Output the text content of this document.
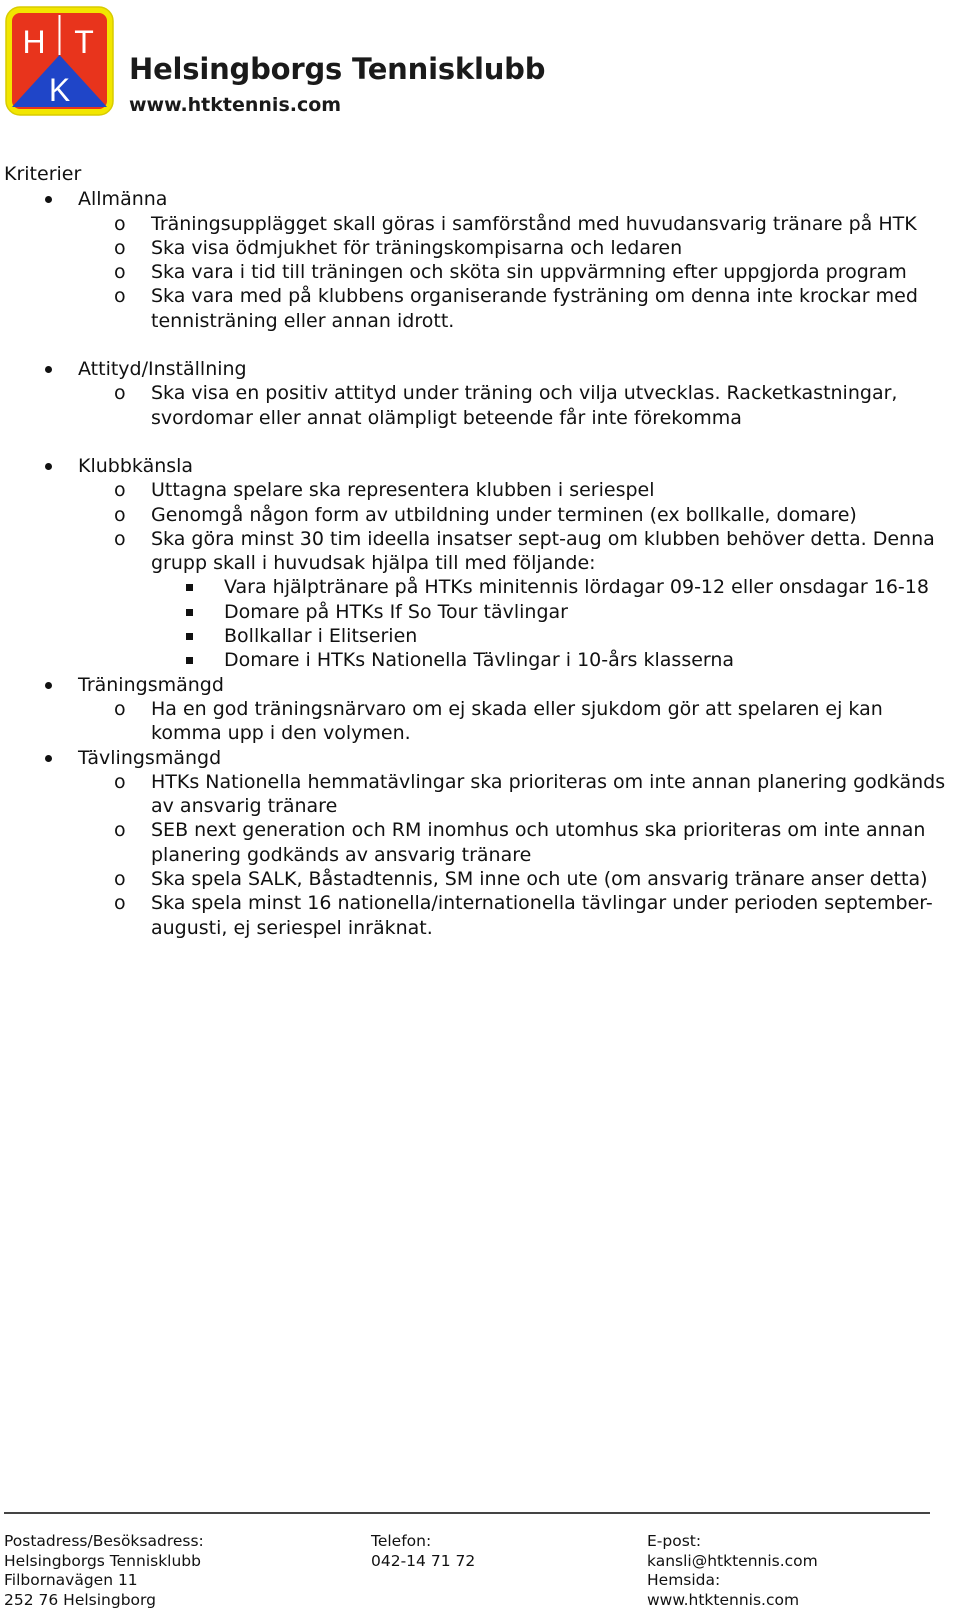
H T
K
Helsingborgs Tennisklubb
www.htktennis.com
Kriterier
Allmänna
o Träningsupplägget skall göras i samförstånd med huvudansvarig tränare på HTK
o Ska visa ödmjukhet för träningskompisarna och ledaren
o Ska vara i tid till träningen och sköta sin uppvärmning efter uppgjorda program
o Ska vara med på klubbens organiserande fysträning om denna inte krockar med tennisträning eller annan idrott.
Attityd/Inställning
o Ska visa en positiv attityd under träning och vilja utvecklas. Racketkastningar, svordomar eller annat olämpligt beteende får inte förekomma
Klubbkänsla
o Uttagna spelare ska representera klubben i seriespel
o Genomgå någon form av utbildning under terminen (ex bollkalle, domare)
o Ska göra minst 30 tim ideella insatser sept-aug om klubben behöver detta. Denna grupp skall i huvudsak hjälpa till med följande:
Vara hjälptränare på HTKs minitennis lördagar 09-12 eller onsdagar 16-18
Domare på HTKs If So Tour tävlingar
Bollkallar i Elitserien
Domare i HTKs Nationella Tävlingar i 10-års klasserna
Träningsmängd
o Ha en god träningsnärvaro om ej skada eller sjukdom gör att spelaren ej kan komma upp i den volymen.
Tävlingsmängd
o HTKs Nationella hemmatävlingar ska prioriteras om inte annan planering godkänds av ansvarig tränare
o SEB next generation och RM inomhus och utomhus ska prioriteras om inte annan planering godkänds av ansvarig tränare
o Ska spela SALK, Båstadtennis, SM inne och ute (om ansvarig tränare anser detta)
o Ska spela minst 16 nationella/internationella tävlingar under perioden september-augusti, ej seriespel inräknat.
Postadress/Besöksadress:
Helsingborgs Tennisklubb
Filbornavägen 11
252 76 Helsingborg
Telefon:
042-14 71 72
E-post:
kansli@htktennis.com
Hemsida:
www.htktennis.com
